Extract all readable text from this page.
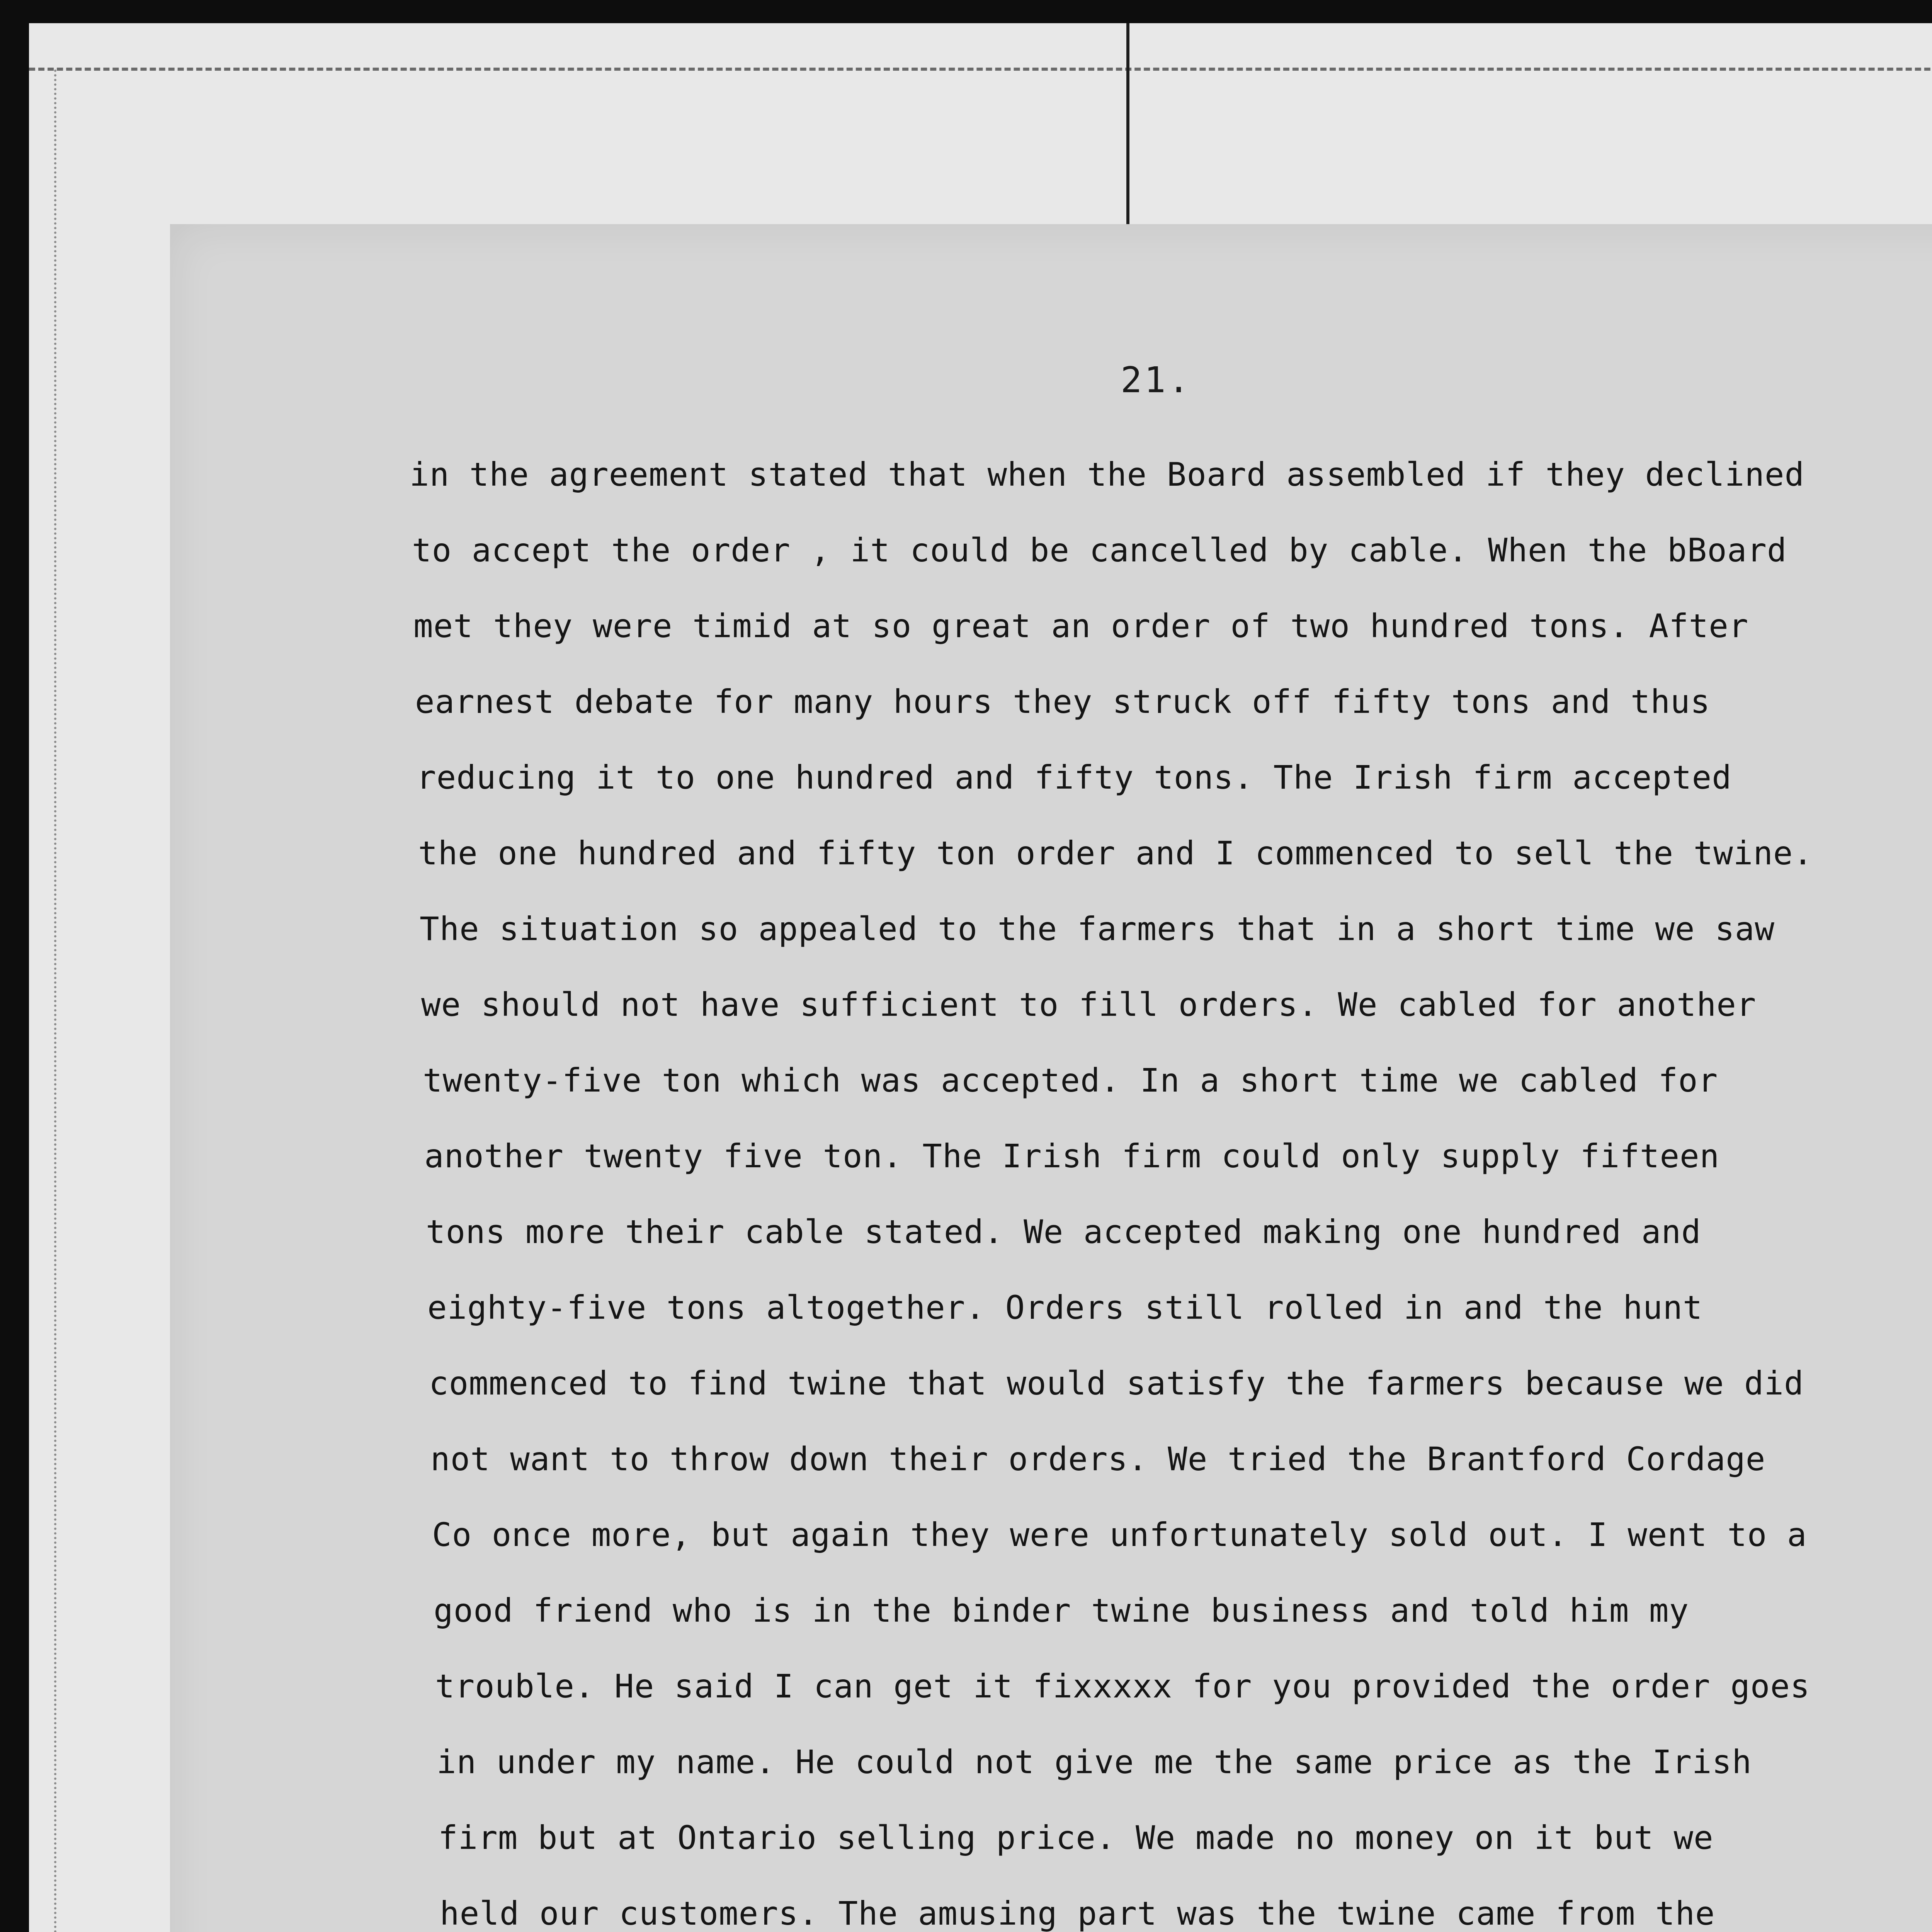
21.
in the agreement stated that when the Board assembled if they declined
to accept the order , it could be cancelled by cable. When the bBoard
met they were timid at so great an order of two hundred tons. After
earnest debate for many hours they struck off fifty tons and thus
reducing it to one hundred and fifty tons. The Irish firm accepted
the one hundred and fifty ton order and I commenced to sell the twine.
The situation so appealed to the farmers that in a short time we saw
we should not have sufficient to fill orders. We cabled for another
twenty-five ton which was accepted. In a short time we cabled for
another twenty five ton. The Irish firm could only supply fifteen
tons more their cable stated. We accepted making one hundred and
eighty-five tons altogether. Orders still rolled in and the hunt
commenced to find twine that would satisfy the farmers because we did
not want to throw down their orders. We tried the Brantford Cordage
Co once more, but again they were unfortunately sold out. I went to a
good friend who is in the binder twine business and told him my
trouble. He said I can get it fixxxxx for you provided the order goes
in under my name. He could not give me the same price as the Irish
firm but at Ontario selling price. We made no money on it but we
held our customers. The amusing part was the twine came from the
